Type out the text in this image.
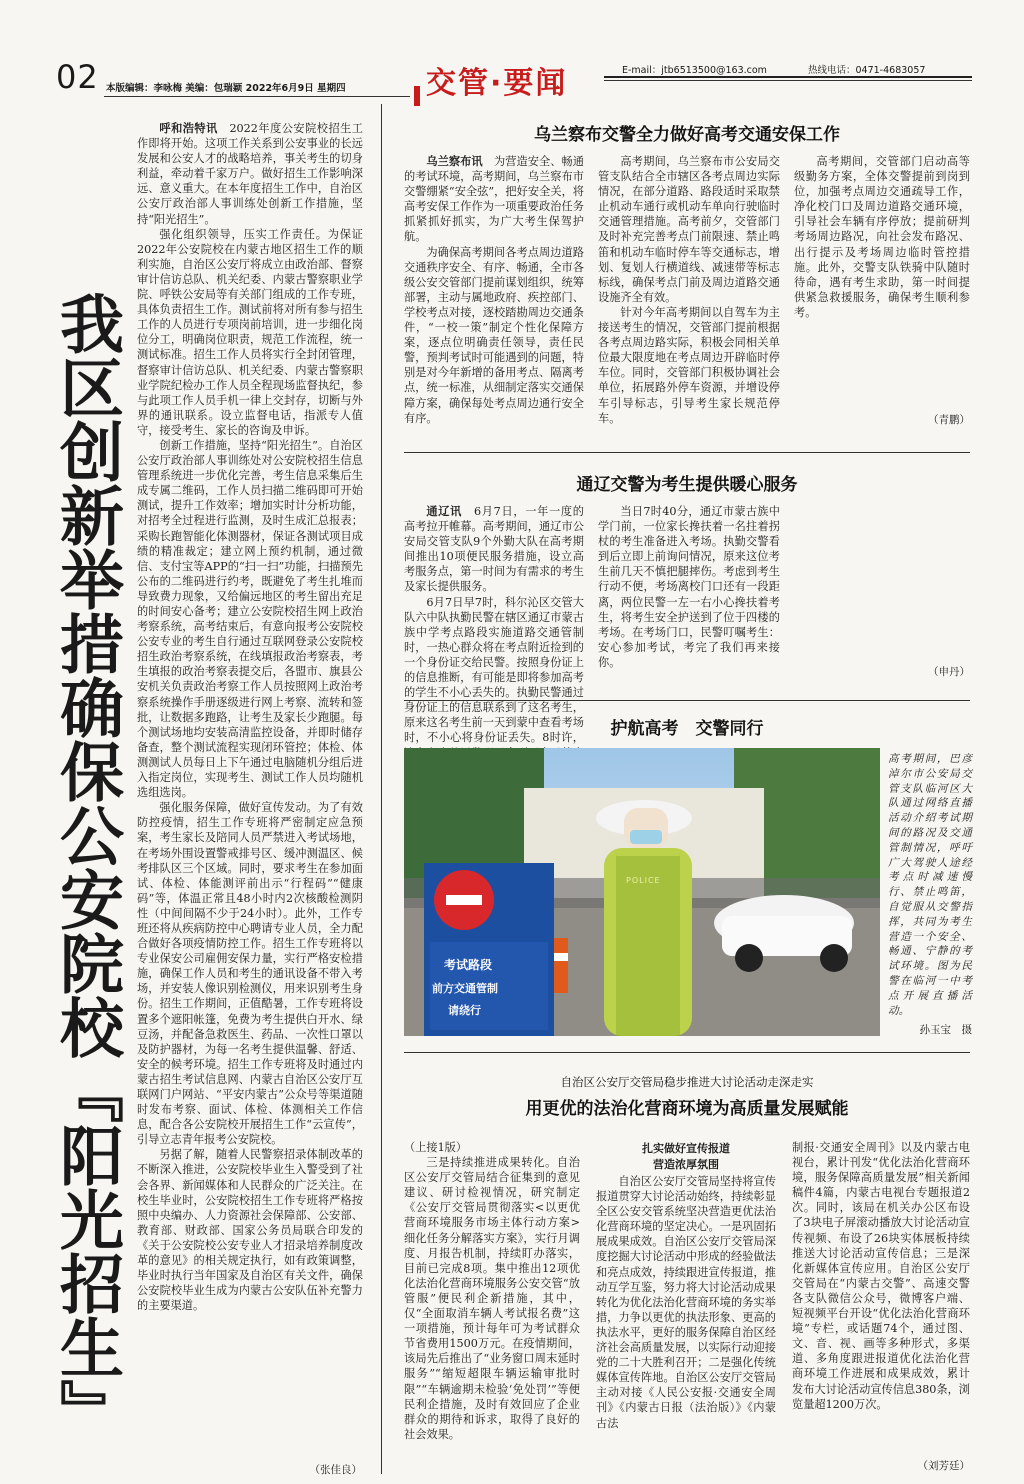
02 本版编辑：李咏梅 美编：包瑞颖 2022年6月9日 星期四	交管·要闻	E-mail：jtb6513500@163.com	热线电话：0471-4683057
我区创新举措确保公安院校『阳光招生』

呼和浩特讯　2022年度公安院校招生工作即将开始。这项工作关系到公安事业的长远发展和公安人才的战略培养，事关考生的切身利益，牵动着千家万户。做好招生工作影响深远、意义重大。在本年度招生工作中，自治区公安厅政治部人事训练处创新工作措施，坚持“阳光招生”。

强化组织领导，压实工作责任。为保证2022年公安院校在内蒙古地区招生工作的顺利实施，自治区公安厅将成立由政治部、督察审计信访总队、机关纪委、内蒙古警察职业学院、呼铁公安局等有关部门组成的工作专班，具体负责招生工作。测试前将对所有参与招生工作的人员进行专项岗前培训，进一步细化岗位分工，明确岗位职责，规范工作流程，统一测试标准。招生工作人员将实行全封闭管理，督察审计信访总队、机关纪委、内蒙古警察职业学院纪检办工作人员全程现场监督执纪，参与此项工作人员手机一律上交封存，切断与外界的通讯联系。设立监督电话，指派专人值守，接受考生、家长的咨询及申诉。

创新工作措施，坚持“阳光招生”。自治区公安厅政治部人事训练处对公安院校招生信息管理系统进一步优化完善，考生信息采集后生成专属二维码，工作人员扫描二维码即可开始测试，提升工作效率；增加实时计分析功能，对招考全过程进行监测，及时生成汇总报表；采购长跑智能化体测器材，保证各测试项目成绩的精准裁定；建立网上预约机制，通过微信、支付宝等APP的“扫一扫”功能，扫描预先公布的二维码进行约考，既避免了考生扎堆而导致费力现象，又给偏远地区的考生留出充足的时间安心备考；建立公安院校招生网上政治考察系统，高考结束后，有意向报考公安院校公安专业的考生自行通过互联网登录公安院校招生政治考察系统，在线填报政治考察表，考生填报的政治考察表提交后，各盟市、旗县公安机关负责政治考察工作人员按照网上政治考察系统操作手册逐级进行网上考察、流转和签批，让数据多跑路，让考生及家长少跑腿。每个测试场地均安装高清监控设备，并即时储存备查，整个测试流程实现闭环管控；体检、体测测试人员每日上下午通过电脑随机分组后进入指定岗位，实现考生、测试工作人员均随机选组选岗。

强化服务保障，做好宣传发动。为了有效防控疫情，招生工作专班将严密制定应急预案，考生家长及陪同人员严禁进入考试场地，在考场外围设置警戒排号区、缓冲测温区、候考排队区三个区域。同时，要求考生在参加面试、体检、体能测评前出示“行程码”“健康码”等，体温正常且48小时内2次核酸检测阴性（中间间隔不少于24小时）。此外，工作专班还将从疾病防控中心聘请专业人员，全力配合做好各项疫情防控工作。招生工作专班将以专业保安公司雇佣安保力量，实行严格安检措施，确保工作人员和考生的通讯设备不带入考场，并安装人像识别检测仪，用来识别考生身份。招生工作期间，正值酷暑，工作专班将设置多个遮阳帐篷，免费为考生提供白开水、绿豆汤，并配备急救医生、药品、一次性口罩以及防护器材，为每一名考生提供温馨、舒适、安全的候考环境。招生工作专班将及时通过内蒙古招生考试信息网、内蒙古自治区公安厅互联网门户网站、“平安内蒙古”公众号等渠道随时发布考察、面试、体检、体测相关工作信息，配合各公安院校开展招生工作“云宣传”，引导立志青年报考公安院校。

另据了解，随着人民警察招录体制改革的不断深入推进，公安院校毕业生入警受到了社会各界、新闻媒体和人民群众的广泛关注。在校生毕业时，公安院校招生工作专班将严格按照中央编办、人力资源社会保障部、公安部、教育部、财政部、国家公务员局联合印发的《关于公安院校公安专业人才招录培养制度改革的意见》的相关规定执行，如有政策调整，毕业时执行当年国家及自治区有关文件，确保公安院校毕业生成为内蒙古公安队伍补充警力的主要渠道。

（张佳良）
乌兰察布交警全力做好高考交通安保工作

乌兰察布讯　为营造安全、畅通的考试环境，高考期间，乌兰察布市交警绷紧“安全弦”，把好安全关，将高考安保工作作为一项重要政治任务抓紧抓好抓实，为广大考生保驾护航。

为确保高考期间各考点周边道路交通秩序安全、有序、畅通，全市各级公安交管部门提前谋划组织，统筹部署，主动与属地政府、疾控部门、学校考点对接，逐校踏勘周边交通条件，“一校一策”制定个性化保障方案，逐点位明确责任领导，责任民警，预判考试时可能遇到的问题，特别是对今年新增的备用考点、隔离考点，统一标准，从细制定落实交通保障方案，确保每处考点周边通行安全有序。

高考期间，乌兰察布市公安局交管支队结合全市辖区各考点周边实际情况，在部分道路、路段适时采取禁止机动车通行或机动车单向行驶临时交通管理措施。高考前夕，交管部门及时补充完善考点门前限速、禁止鸣笛和机动车临时停车等交通标志，增划、复划人行横道线、减速带等标志标线，确保考点门前及周边道路交通设施齐全有效。

针对今年高考期间以自驾车为主接送考生的情况，交管部门提前根据各考点周边路实际，积极会同相关单位最大限度地在考点周边开辟临时停车位。同时，交管部门积极协调社会单位，拓展路外停车资源，并增设停车引导标志，引导考生家长规范停车。

高考期间，交管部门启动高等级勤务方案，全体交警提前到岗到位，加强考点周边交通疏导工作，净化校门口及周边道路交通环境，引导社会车辆有序停放；提前研判考场周边路况，向社会发布路况、出行提示及考场周边临时管控措施。此外，交警支队铁骑中队随时待命，遇有考生求助，第一时间提供紧急救援服务，确保考生顺利参考。

（青鹏）
通辽交警为考生提供暖心服务

通辽讯　6月7日，一年一度的高考拉开帷幕。高考期间，通辽市公安局交管支队9个外勤大队在高考期间推出10项便民服务措施，设立高考服务点，第一时间为有需求的考生及家长提供服务。

6月7日早7时，科尔沁区交管大队六中队执勤民警在辖区通辽市蒙古族中学考点路段实施道路交通管制时，一热心群众将在考点附近捡到的一个身份证交给民警。按照身份证上的信息推断，有可能是即将参加高考的学生不小心丢失的。执勤民警通过身份证上的信息联系到了这名考生，原来这名考生前一天到蒙中查看考场时，不小心将身份证丢失。8时许，

当日7时40分，通辽市蒙古族中学门前，一位家长搀扶着一名拄着拐杖的考生准备进入考场。执勤交警看到后立即上前询问情况，原来这位考生前几天不慎把腿摔伤。考虑到考生行动不便，考场离校门口还有一段距离，两位民警一左一右小心搀扶着考生，将考生安全护送到了位于四楼的考场。在考场门口，民警叮嘱考生：安心参加考试，考完了我们再来接你。

（申丹）
护航高考　交警同行
考试路段
前方交通管制
请绕行
POLICE
高考期间，巴彦淖尔市公安局交管支队临河区大队通过网络直播活动介绍考试期间的路况及交通管制情况，呼吁广大驾驶人途经考点时减速慢行、禁止鸣笛，自觉服从交警指挥，共同为考生营造一个安全、畅通、宁静的考试环境。图为民警在临河一中考点开展直播活动。
孙玉宝　摄
自治区公安厅交管局稳步推进大讨论活动走深走实
用更优的法治化营商环境为高质量发展赋能

（上接1版）

三是持续推进成果转化。自治区公安厅交管局结合征集到的意见建议、研讨检视情况，研究制定《公安厅交管局贯彻落实<以更优营商环境服务市场主体行动方案>细化任务分解落实方案》，实行月调度、月报告机制，持续盯办落实，目前已完成8项。集中推出12项优化法治化营商环境服务公安交管“放管服”便民利企新措施，其中，仅“全面取消车辆人考试报名费”这一项措施，预计每年可为考试群众节省费用1500万元。在疫情期间，该局先后推出了“业务窗口周末延时服务”“缩短超限车辆运输审批时限”“车辆逾期未检验‘免处罚’”等便民利企措施，及时有效回应了企业群众的期待和诉求，取得了良好的社会效果。

扎实做好宣传报道
营造浓厚氛围

自治区公安厅交管局坚持将宣传报道贯穿大讨论活动始终，持续彰显全区公安交管系统坚决营造更优法治化营商环境的坚定决心。一是巩固拓展成果成效。自治区公安厅交管局深度挖掘大讨论活动中形成的经验做法和亮点成效，持续跟进宣传报道，推动互学互鉴，努力将大讨论活动成果转化为优化法治化营商环境的务实举措，力争以更优的执法形象、更高的执法水平，更好的服务保障自治区经济社会高质量发展，以实际行动迎接党的二十大胜利召开；二是强化传统媒体宣传阵地。自治区公安厅交管局主动对接《人民公安报·交通安全周刊》《内蒙古日报（法治版）》《内蒙古法

制报·交通安全周刊》以及内蒙古电视台，累计刊发“优化法治化营商环境，服务保障高质量发展”相关新闻稿件4篇，内蒙古电视台专题报道2次。同时，该局在机关办公区布设了3块电子屏滚动播放大讨论活动宣传视频、布设了26块实体展板持续推送大讨论活动宣传信息；三是深化新媒体宣传应用。自治区公安厅交管局在“内蒙古交警”、高速交警各支队微信公众号，微博客户端、短视频平台开设“优化法治化营商环境”专栏，或话题74个，通过图、文、音、视、画等多种形式，多渠道、多角度跟进报道优化法治化营商环境工作进展和成果成效，累计发布大讨论活动宣传信息380条，浏览量超1200万次。

（刘芳廷）
